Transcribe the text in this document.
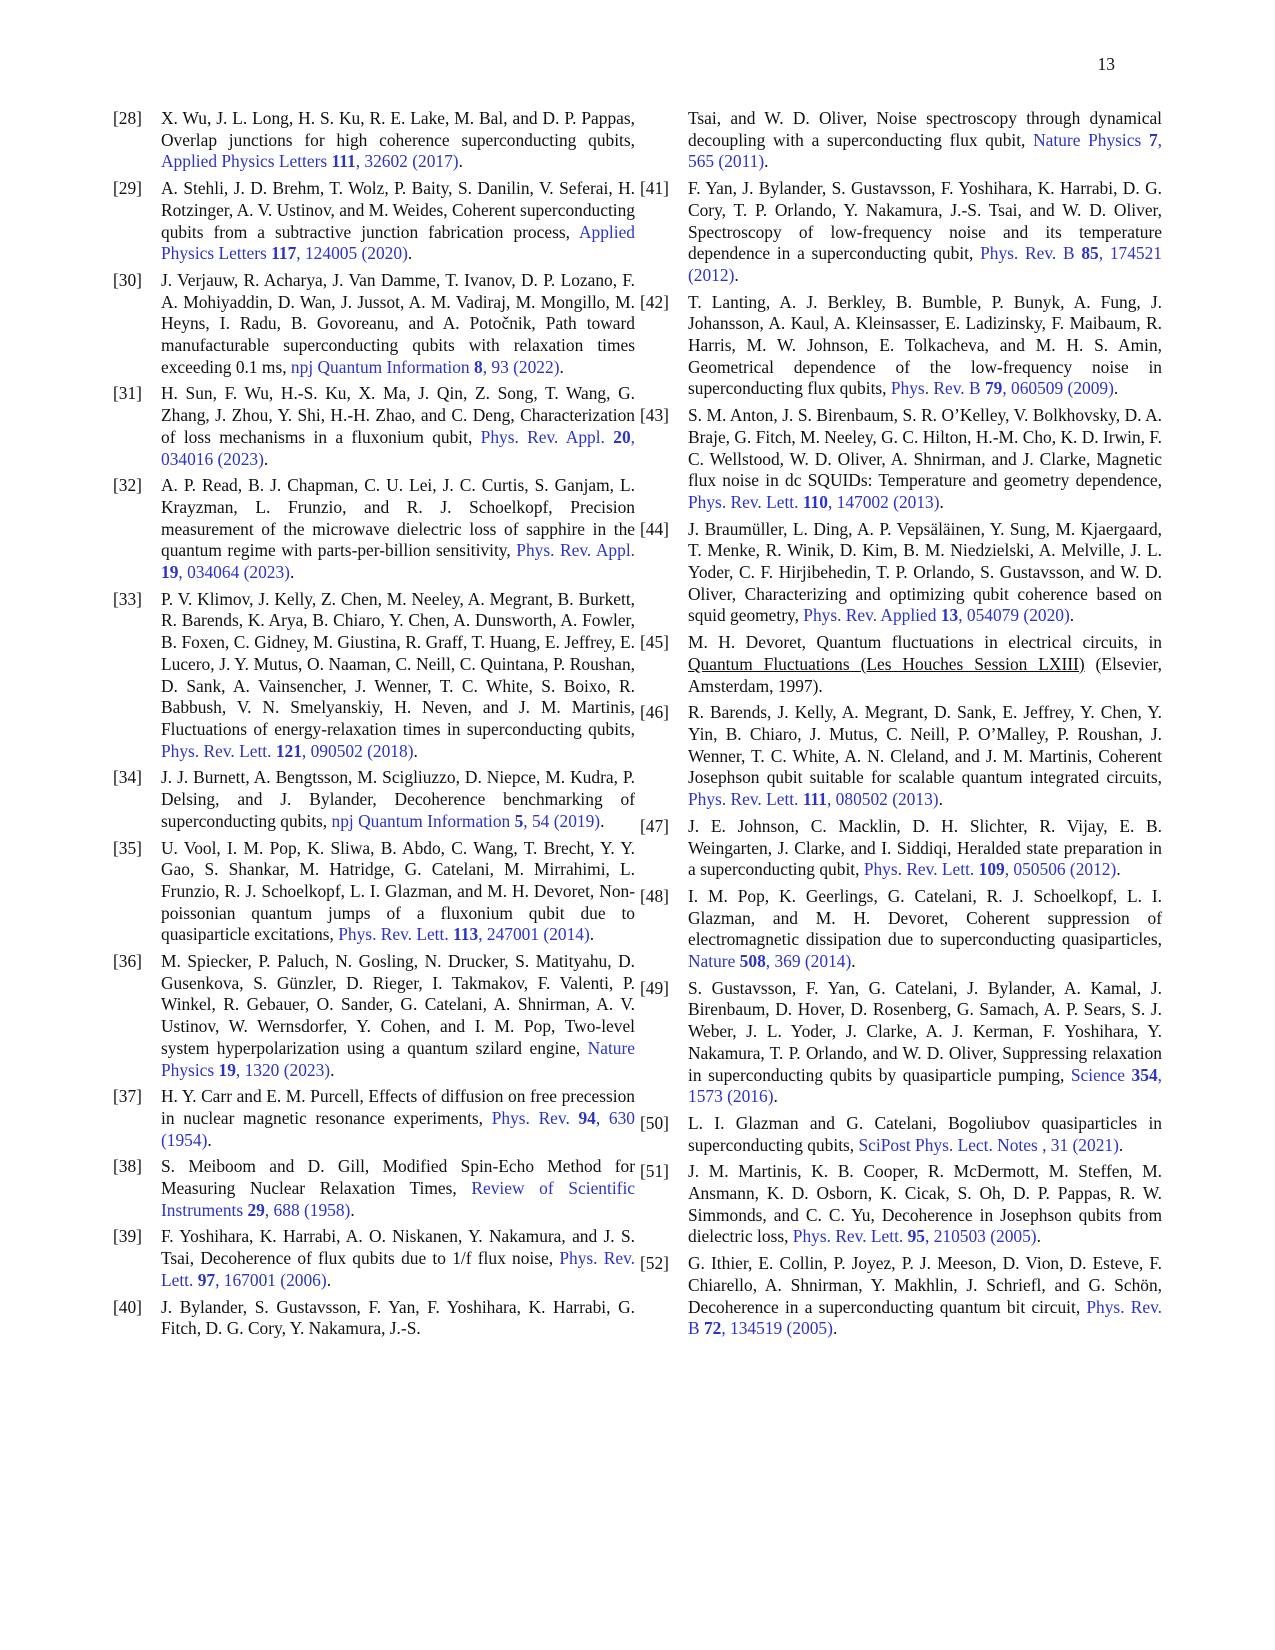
13
[28] X. Wu, J. L. Long, H. S. Ku, R. E. Lake, M. Bal, and D. P. Pappas, Overlap junctions for high coherence superconducting qubits, Applied Physics Letters 111, 32602 (2017).
[29] A. Stehli, J. D. Brehm, T. Wolz, P. Baity, S. Danilin, V. Seferai, H. Rotzinger, A. V. Ustinov, and M. Weides, Coherent superconducting qubits from a subtractive junction fabrication process, Applied Physics Letters 117, 124005 (2020).
[30] J. Verjauw, R. Acharya, J. Van Damme, T. Ivanov, D. P. Lozano, F. A. Mohiyaddin, D. Wan, J. Jussot, A. M. Vadiraj, M. Mongillo, M. Heyns, I. Radu, B. Govoreanu, and A. Potočnik, Path toward manufacturable superconducting qubits with relaxation times exceeding 0.1 ms, npj Quantum Information 8, 93 (2022).
[31] H. Sun, F. Wu, H.-S. Ku, X. Ma, J. Qin, Z. Song, T. Wang, G. Zhang, J. Zhou, Y. Shi, H.-H. Zhao, and C. Deng, Characterization of loss mechanisms in a fluxonium qubit, Phys. Rev. Appl. 20, 034016 (2023).
[32] A. P. Read, B. J. Chapman, C. U. Lei, J. C. Curtis, S. Ganjam, L. Krayzman, L. Frunzio, and R. J. Schoelkopf, Precision measurement of the microwave dielectric loss of sapphire in the quantum regime with parts-per-billion sensitivity, Phys. Rev. Appl. 19, 034064 (2023).
[33] P. V. Klimov, J. Kelly, Z. Chen, M. Neeley, A. Megrant, B. Burkett, R. Barends, K. Arya, B. Chiaro, Y. Chen, A. Dunsworth, A. Fowler, B. Foxen, C. Gidney, M. Giustina, R. Graff, T. Huang, E. Jeffrey, E. Lucero, J. Y. Mutus, O. Naaman, C. Neill, C. Quintana, P. Roushan, D. Sank, A. Vainsencher, J. Wenner, T. C. White, S. Boixo, R. Babbush, V. N. Smelyanskiy, H. Neven, and J. M. Martinis, Fluctuations of energy-relaxation times in superconducting qubits, Phys. Rev. Lett. 121, 090502 (2018).
[34] J. J. Burnett, A. Bengtsson, M. Scigliuzzo, D. Niepce, M. Kudra, P. Delsing, and J. Bylander, Decoherence benchmarking of superconducting qubits, npj Quantum Information 5, 54 (2019).
[35] U. Vool, I. M. Pop, K. Sliwa, B. Abdo, C. Wang, T. Brecht, Y. Y. Gao, S. Shankar, M. Hatridge, G. Catelani, M. Mirrahimi, L. Frunzio, R. J. Schoelkopf, L. I. Glazman, and M. H. Devoret, Non-poissonian quantum jumps of a fluxonium qubit due to quasiparticle excitations, Phys. Rev. Lett. 113, 247001 (2014).
[36] M. Spiecker, P. Paluch, N. Gosling, N. Drucker, S. Matityahu, D. Gusenkova, S. Günzler, D. Rieger, I. Takmakov, F. Valenti, P. Winkel, R. Gebauer, O. Sander, G. Catelani, A. Shnirman, A. V. Ustinov, W. Wernsdorfer, Y. Cohen, and I. M. Pop, Two-level system hyperpolarization using a quantum szilard engine, Nature Physics 19, 1320 (2023).
[37] H. Y. Carr and E. M. Purcell, Effects of diffusion on free precession in nuclear magnetic resonance experiments, Phys. Rev. 94, 630 (1954).
[38] S. Meiboom and D. Gill, Modified Spin-Echo Method for Measuring Nuclear Relaxation Times, Review of Scientific Instruments 29, 688 (1958).
[39] F. Yoshihara, K. Harrabi, A. O. Niskanen, Y. Nakamura, and J. S. Tsai, Decoherence of flux qubits due to 1/f flux noise, Phys. Rev. Lett. 97, 167001 (2006).
[40] J. Bylander, S. Gustavsson, F. Yan, F. Yoshihara, K. Harrabi, G. Fitch, D. G. Cory, Y. Nakamura, J.-S.
Tsai, and W. D. Oliver, Noise spectroscopy through dynamical decoupling with a superconducting flux qubit, Nature Physics 7, 565 (2011).
[41] F. Yan, J. Bylander, S. Gustavsson, F. Yoshihara, K. Harrabi, D. G. Cory, T. P. Orlando, Y. Nakamura, J.-S. Tsai, and W. D. Oliver, Spectroscopy of low-frequency noise and its temperature dependence in a superconducting qubit, Phys. Rev. B 85, 174521 (2012).
[42] T. Lanting, A. J. Berkley, B. Bumble, P. Bunyk, A. Fung, J. Johansson, A. Kaul, A. Kleinsasser, E. Ladizinsky, F. Maibaum, R. Harris, M. W. Johnson, E. Tolkacheva, and M. H. S. Amin, Geometrical dependence of the low-frequency noise in superconducting flux qubits, Phys. Rev. B 79, 060509 (2009).
[43] S. M. Anton, J. S. Birenbaum, S. R. O’Kelley, V. Bolkhovsky, D. A. Braje, G. Fitch, M. Neeley, G. C. Hilton, H.-M. Cho, K. D. Irwin, F. C. Wellstood, W. D. Oliver, A. Shnirman, and J. Clarke, Magnetic flux noise in dc SQUIDs: Temperature and geometry dependence, Phys. Rev. Lett. 110, 147002 (2013).
[44] J. Braumüller, L. Ding, A. P. Vepsäläinen, Y. Sung, M. Kjaergaard, T. Menke, R. Winik, D. Kim, B. M. Niedzielski, A. Melville, J. L. Yoder, C. F. Hirjibehedin, T. P. Orlando, S. Gustavsson, and W. D. Oliver, Characterizing and optimizing qubit coherence based on squid geometry, Phys. Rev. Applied 13, 054079 (2020).
[45] M. H. Devoret, Quantum fluctuations in electrical circuits, in Quantum Fluctuations (Les Houches Session LXIII) (Elsevier, Amsterdam, 1997).
[46] R. Barends, J. Kelly, A. Megrant, D. Sank, E. Jeffrey, Y. Chen, Y. Yin, B. Chiaro, J. Mutus, C. Neill, P. O’Malley, P. Roushan, J. Wenner, T. C. White, A. N. Cleland, and J. M. Martinis, Coherent Josephson qubit suitable for scalable quantum integrated circuits, Phys. Rev. Lett. 111, 080502 (2013).
[47] J. E. Johnson, C. Macklin, D. H. Slichter, R. Vijay, E. B. Weingarten, J. Clarke, and I. Siddiqi, Heralded state preparation in a superconducting qubit, Phys. Rev. Lett. 109, 050506 (2012).
[48] I. M. Pop, K. Geerlings, G. Catelani, R. J. Schoelkopf, L. I. Glazman, and M. H. Devoret, Coherent suppression of electromagnetic dissipation due to superconducting quasiparticles, Nature 508, 369 (2014).
[49] S. Gustavsson, F. Yan, G. Catelani, J. Bylander, A. Kamal, J. Birenbaum, D. Hover, D. Rosenberg, G. Samach, A. P. Sears, S. J. Weber, J. L. Yoder, J. Clarke, A. J. Kerman, F. Yoshihara, Y. Nakamura, T. P. Orlando, and W. D. Oliver, Suppressing relaxation in superconducting qubits by quasiparticle pumping, Science 354, 1573 (2016).
[50] L. I. Glazman and G. Catelani, Bogoliubov quasiparticles in superconducting qubits, SciPost Phys. Lect. Notes , 31 (2021).
[51] J. M. Martinis, K. B. Cooper, R. McDermott, M. Steffen, M. Ansmann, K. D. Osborn, K. Cicak, S. Oh, D. P. Pappas, R. W. Simmonds, and C. C. Yu, Decoherence in Josephson qubits from dielectric loss, Phys. Rev. Lett. 95, 210503 (2005).
[52] G. Ithier, E. Collin, P. Joyez, P. J. Meeson, D. Vion, D. Esteve, F. Chiarello, A. Shnirman, Y. Makhlin, J. Schriefl, and G. Schön, Decoherence in a superconducting quantum bit circuit, Phys. Rev. B 72, 134519 (2005).
